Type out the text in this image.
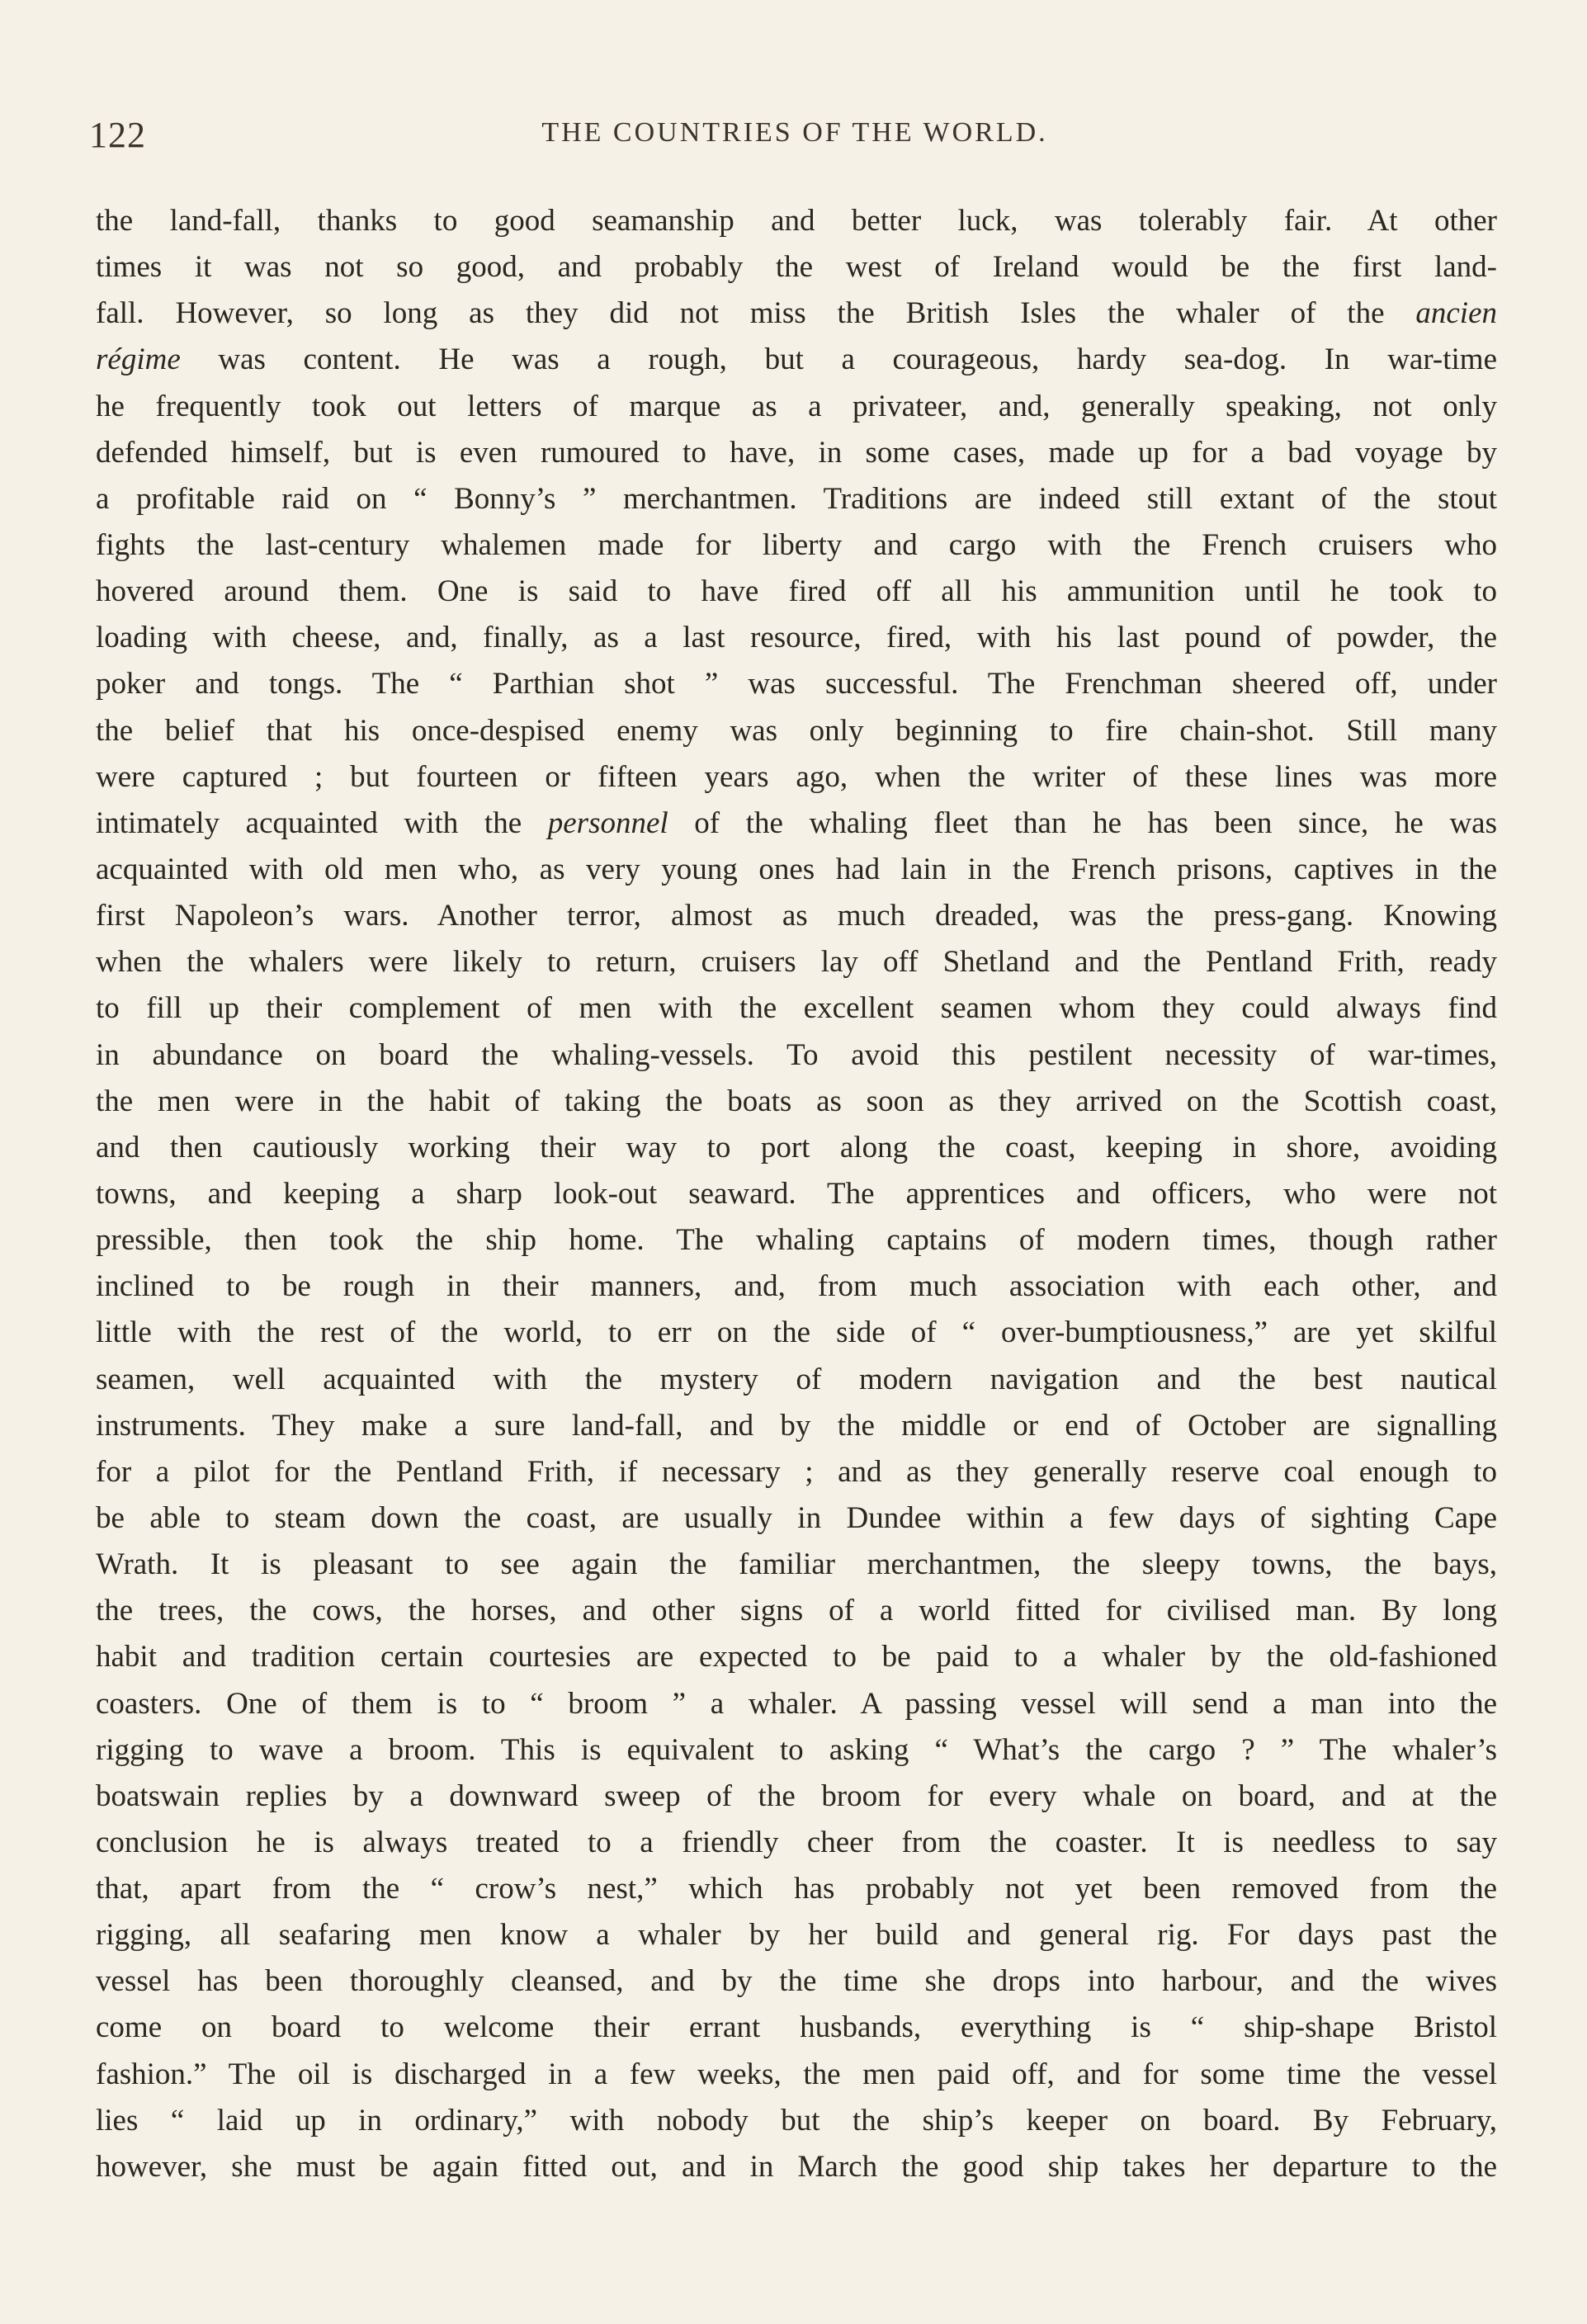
122	THE COUNTRIES OF THE WORLD.
the land-fall, thanks to good seamanship and better luck, was tolerably fair. At other
times it was not so good, and probably the west of Ireland would be the first land-
fall. However, so long as they did not miss the British Isles the whaler of the ancien
régime was content. He was a rough, but a courageous, hardy sea-dog. In war-time
he frequently took out letters of marque as a privateer, and, generally speaking, not only
defended himself, but is even rumoured to have, in some cases, made up for a bad voyage by
a profitable raid on “ Bonny’s ” merchantmen. Traditions are indeed still extant of the stout
fights the last-century whalemen made for liberty and cargo with the French cruisers who
hovered around them. One is said to have fired off all his ammunition until he took to
loading with cheese, and, finally, as a last resource, fired, with his last pound of powder, the
poker and tongs. The “ Parthian shot ” was successful. The Frenchman sheered off, under
the belief that his once-despised enemy was only beginning to fire chain-shot. Still many
were captured ; but fourteen or fifteen years ago, when the writer of these lines was more
intimately acquainted with the personnel of the whaling fleet than he has been since, he was
acquainted with old men who, as very young ones had lain in the French prisons, captives in the
first Napoleon’s wars. Another terror, almost as much dreaded, was the press-gang. Knowing
when the whalers were likely to return, cruisers lay off Shetland and the Pentland Frith, ready
to fill up their complement of men with the excellent seamen whom they could always find
in abundance on board the whaling-vessels. To avoid this pestilent necessity of war-times,
the men were in the habit of taking the boats as soon as they arrived on the Scottish coast,
and then cautiously working their way to port along the coast, keeping in shore, avoiding
towns, and keeping a sharp look-out seaward. The apprentices and officers, who were not
pressible, then took the ship home. The whaling captains of modern times, though rather
inclined to be rough in their manners, and, from much association with each other, and
little with the rest of the world, to err on the side of “ over-bumptiousness,” are yet skilful
seamen, well acquainted with the mystery of modern navigation and the best nautical
instruments. They make a sure land-fall, and by the middle or end of October are signalling
for a pilot for the Pentland Frith, if necessary ; and as they generally reserve coal enough to
be able to steam down the coast, are usually in Dundee within a few days of sighting Cape
Wrath. It is pleasant to see again the familiar merchantmen, the sleepy towns, the bays,
the trees, the cows, the horses, and other signs of a world fitted for civilised man. By long
habit and tradition certain courtesies are expected to be paid to a whaler by the old-fashioned
coasters. One of them is to “ broom ” a whaler. A passing vessel will send a man into the
rigging to wave a broom. This is equivalent to asking “ What’s the cargo ? ” The whaler’s
boatswain replies by a downward sweep of the broom for every whale on board, and at the
conclusion he is always treated to a friendly cheer from the coaster. It is needless to say
that, apart from the “ crow’s nest,” which has probably not yet been removed from the
rigging, all seafaring men know a whaler by her build and general rig. For days past the
vessel has been thoroughly cleansed, and by the time she drops into harbour, and the wives
come on board to welcome their errant husbands, everything is “ ship-shape Bristol
fashion.” The oil is discharged in a few weeks, the men paid off, and for some time the vessel
lies “ laid up in ordinary,” with nobody but the ship’s keeper on board. By February,
however, she must be again fitted out, and in March the good ship takes her departure to the
